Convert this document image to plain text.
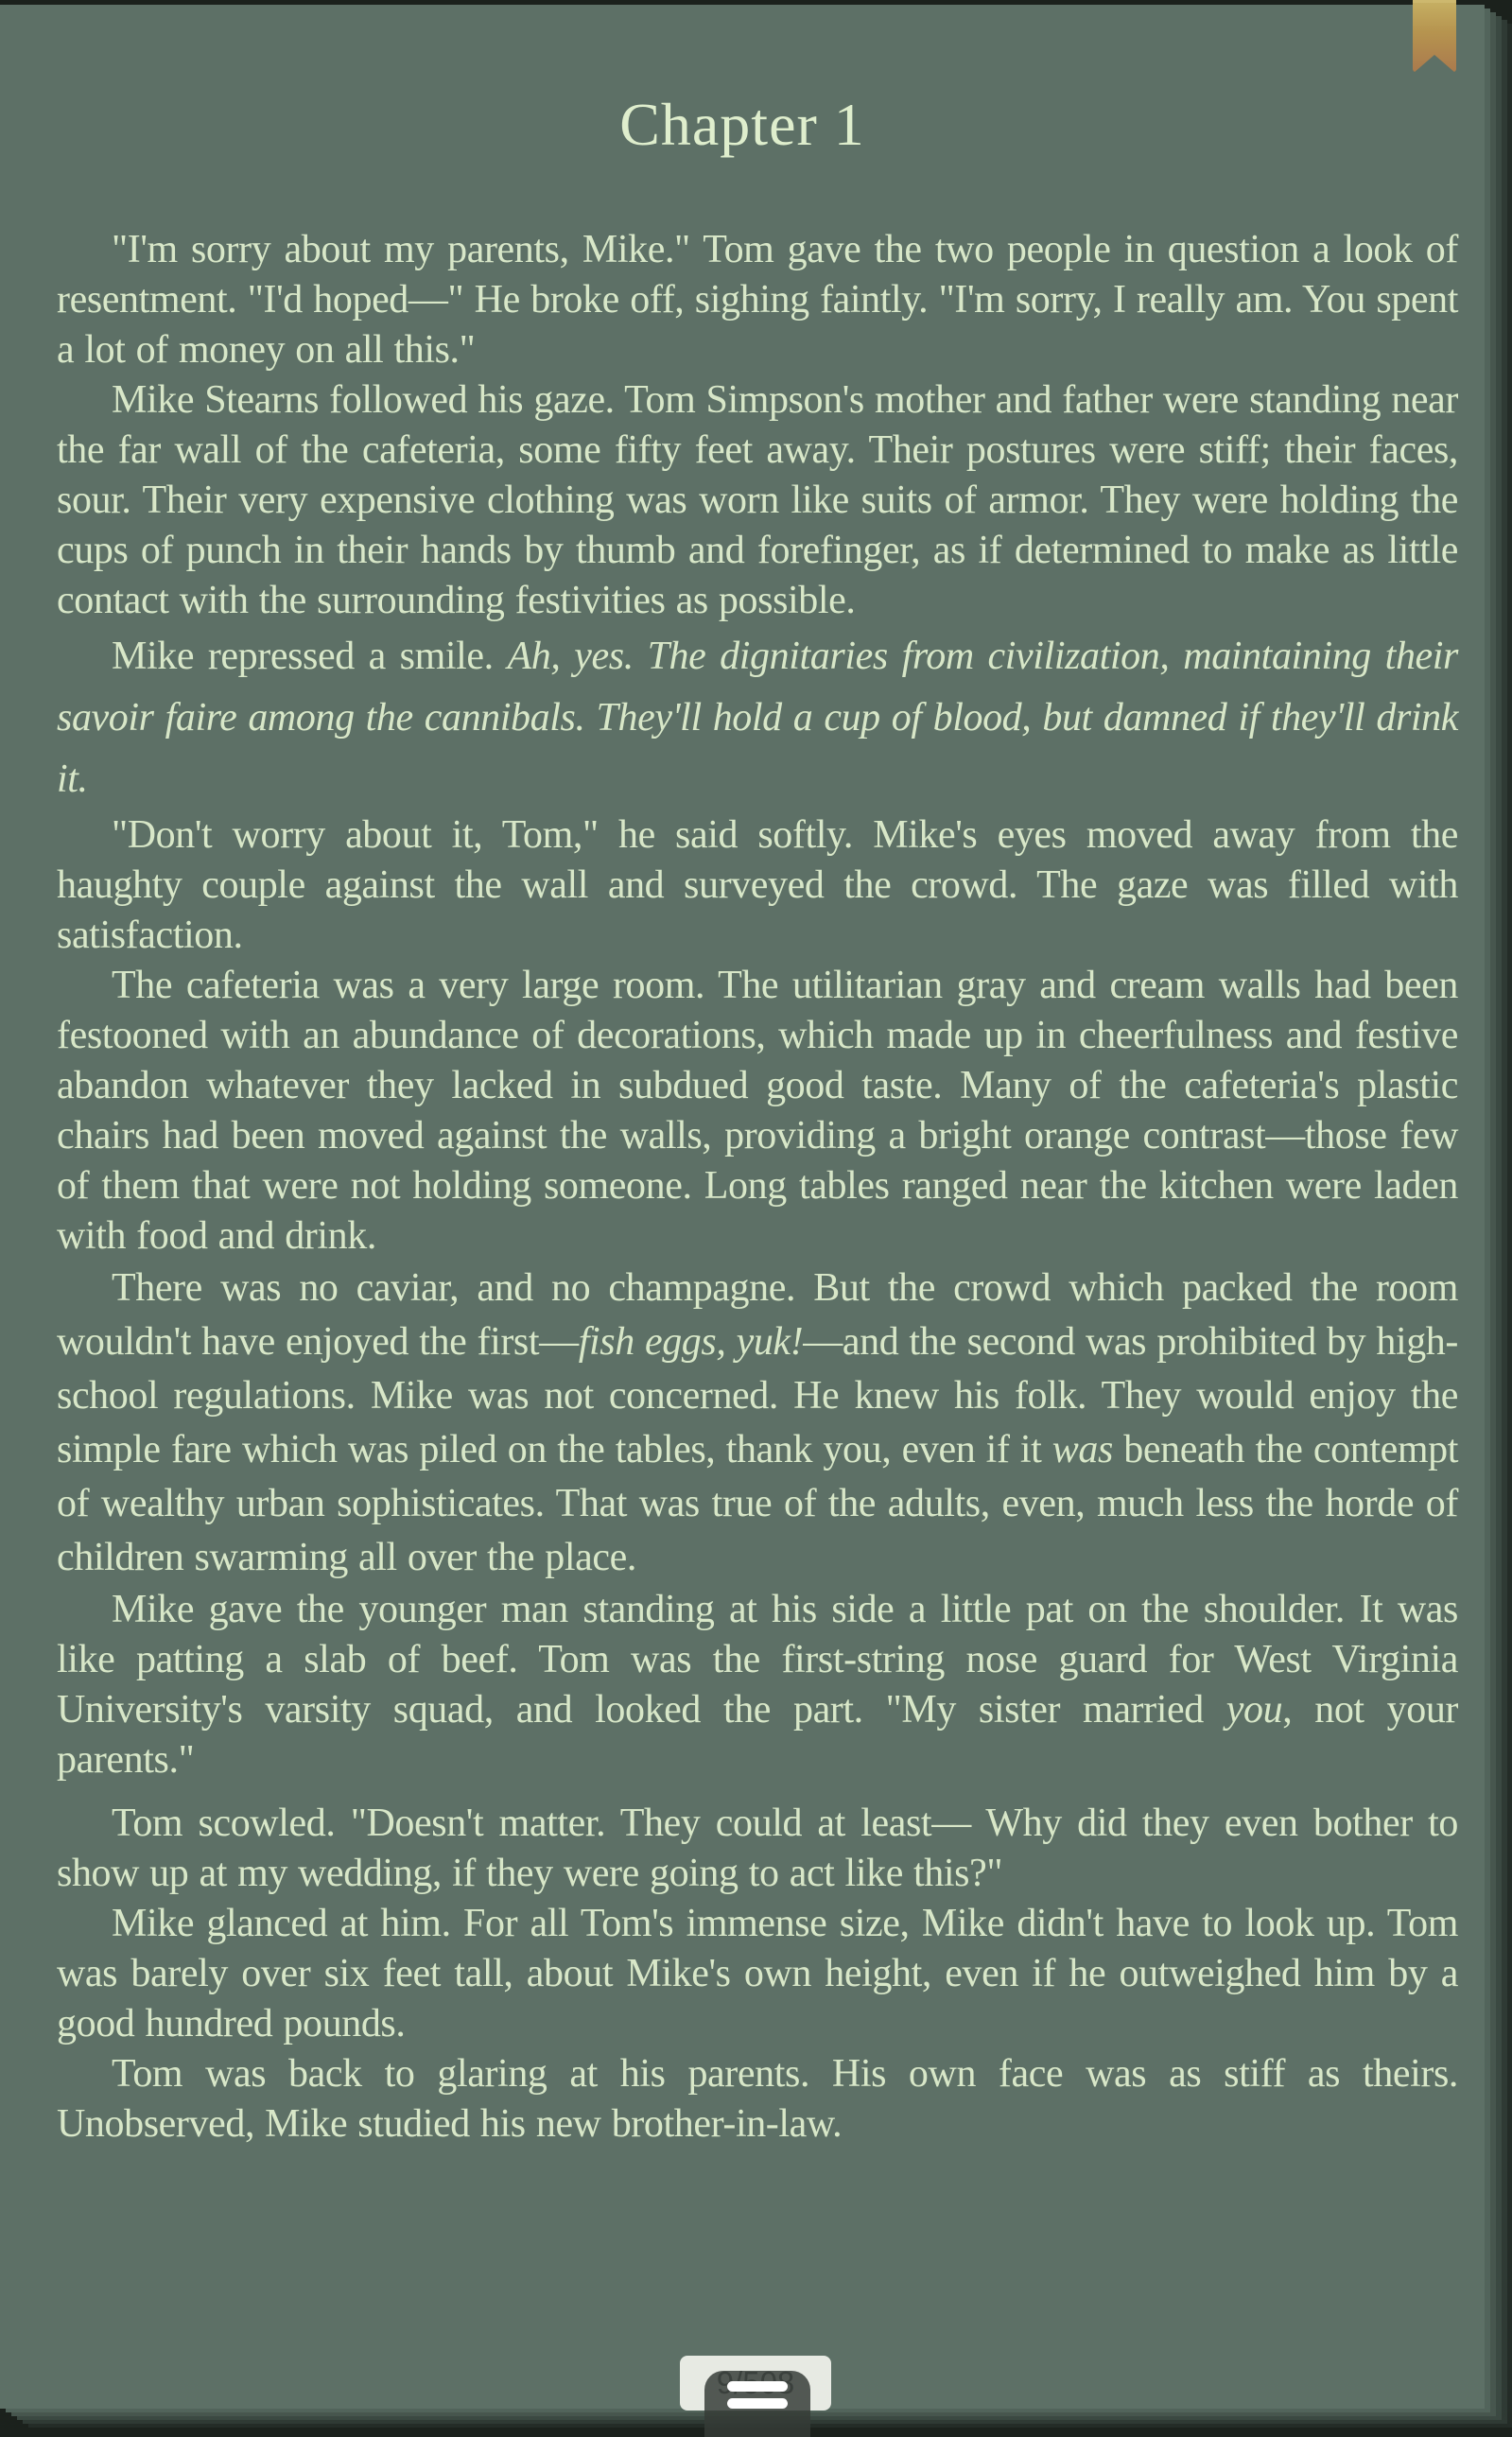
Chapter 1

"I'm sorry about my parents, Mike." Tom gave the two people in question a look of resentment. "I'd hoped—" He broke off, sighing faintly. "I'm sorry, I really am. You spent a lot of money on all this."

Mike Stearns followed his gaze. Tom Simpson's mother and father were standing near the far wall of the cafeteria, some fifty feet away. Their postures were stiff; their faces, sour. Their very expensive clothing was worn like suits of armor. They were holding the cups of punch in their hands by thumb and forefinger, as if determined to make as little contact with the surrounding festivities as possible.

Mike repressed a smile. Ah, yes. The dignitaries from civilization, maintaining their savoir faire among the cannibals. They'll hold a cup of blood, but damned if they'll drink it.

"Don't worry about it, Tom," he said softly. Mike's eyes moved away from the haughty couple against the wall and surveyed the crowd. The gaze was filled with satisfaction.

The cafeteria was a very large room. The utilitarian gray and cream walls had been festooned with an abundance of decorations, which made up in cheerfulness and festive abandon whatever they lacked in subdued good taste. Many of the cafeteria's plastic chairs had been moved against the walls, providing a bright orange contrast—those few of them that were not holding someone. Long tables ranged near the kitchen were laden with food and drink.

There was no caviar, and no champagne. But the crowd which packed the room wouldn't have enjoyed the first—fish eggs, yuk!—and the second was prohibited by high-school regulations. Mike was not concerned. He knew his folk. They would enjoy the simple fare which was piled on the tables, thank you, even if it was beneath the contempt of wealthy urban sophisticates. That was true of the adults, even, much less the horde of children swarming all over the place.

Mike gave the younger man standing at his side a little pat on the shoulder. It was like patting a slab of beef. Tom was the first-string nose guard for West Virginia University's varsity squad, and looked the part. "My sister married you, not your parents."

Tom scowled. "Doesn't matter. They could at least— Why did they even bother to show up at my wedding, if they were going to act like this?"

Mike glanced at him. For all Tom's immense size, Mike didn't have to look up. Tom was barely over six feet tall, about Mike's own height, even if he outweighed him by a good hundred pounds.

Tom was back to glaring at his parents. His own face was as stiff as theirs. Unobserved, Mike studied his new brother-in-law.
